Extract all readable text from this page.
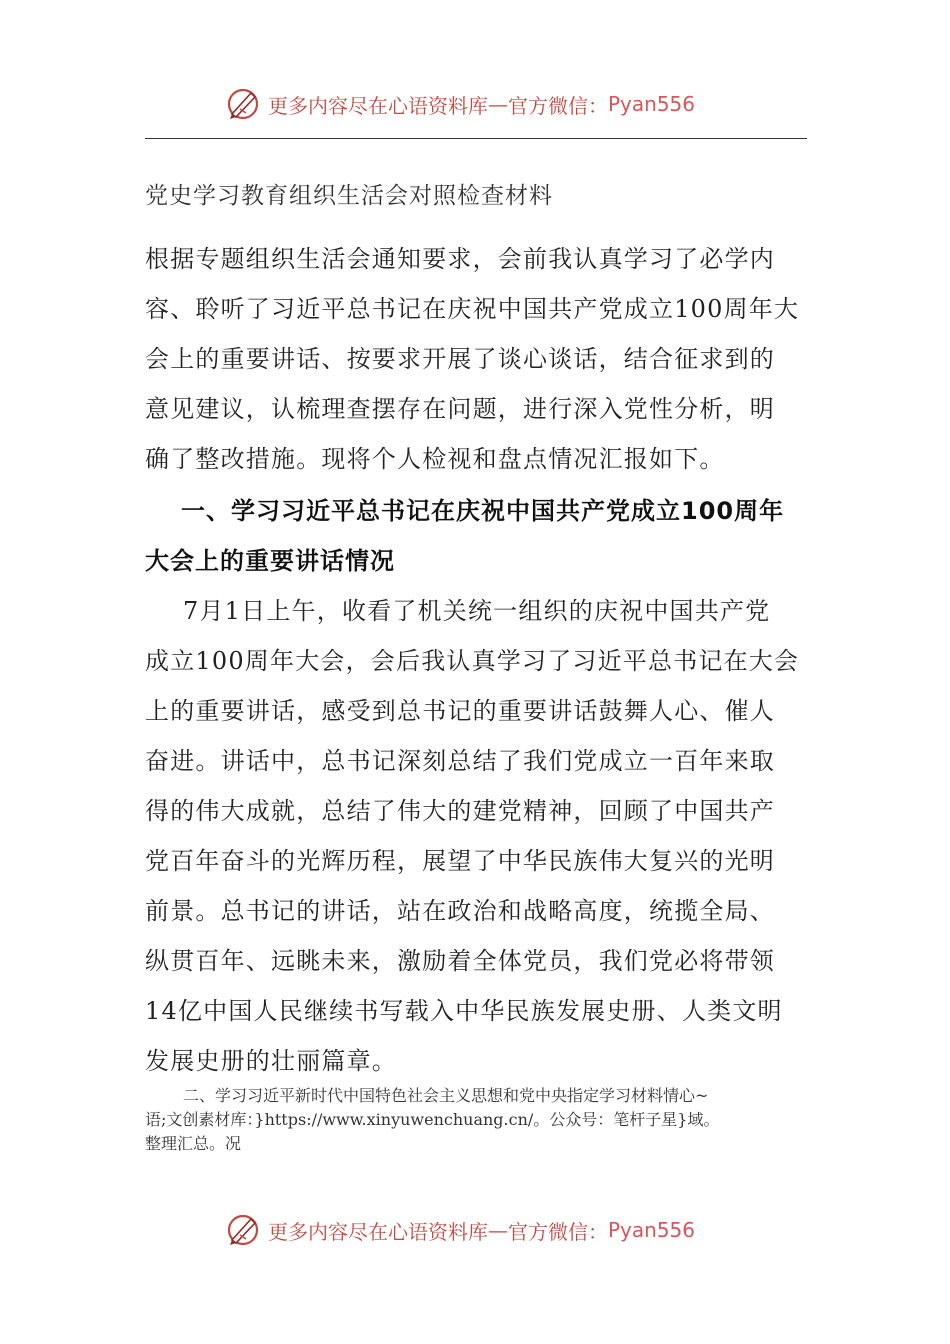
更多内容尽在心语资料库 — 官方微信： Pyan556
党史学习教育组织生活会对照检查材料
根据专题组织生活会通知要求，会前我认真学习了必学内
容、聆听了习近平总书记在庆祝中国共产党成立100周年大
会上的重要讲话、按要求开展了谈心谈话，结合征求到的
意见建议，认梳理查摆存在问题，进行深入党性分析，明
确了整改措施。现将个人检视和盘点情况汇报如下。
一、学习习近平总书记在庆祝中国共产党成立100周年
大会上的重要讲话情况
7月1日上午，收看了机关统一组织的庆祝中国共产党
成立100周年大会，会后我认真学习了习近平总书记在大会
上的重要讲话，感受到总书记的重要讲话鼓舞人心、催人
奋进。讲话中，总书记深刻总结了我们党成立一百年来取
得的伟大成就，总结了伟大的建党精神，回顾了中国共产
党百年奋斗的光辉历程，展望了中华民族伟大复兴的光明
前景。总书记的讲话，站在政治和战略高度，统揽全局、
纵贯百年、远眺未来，激励着全体党员，我们党必将带领
14亿中国人民继续书写载入中华民族发展史册、人类文明
发展史册的壮丽篇章。
二、学习习近平新时代中国特色社会主义思想和党中央指定学习材料情心~
语;文创素材库：}https://www.xinyuwenchuang.cn/。公众号：笔杆子星}域。
整理汇总。况
更多内容尽在心语资料库 — 官方微信： Pyan556
